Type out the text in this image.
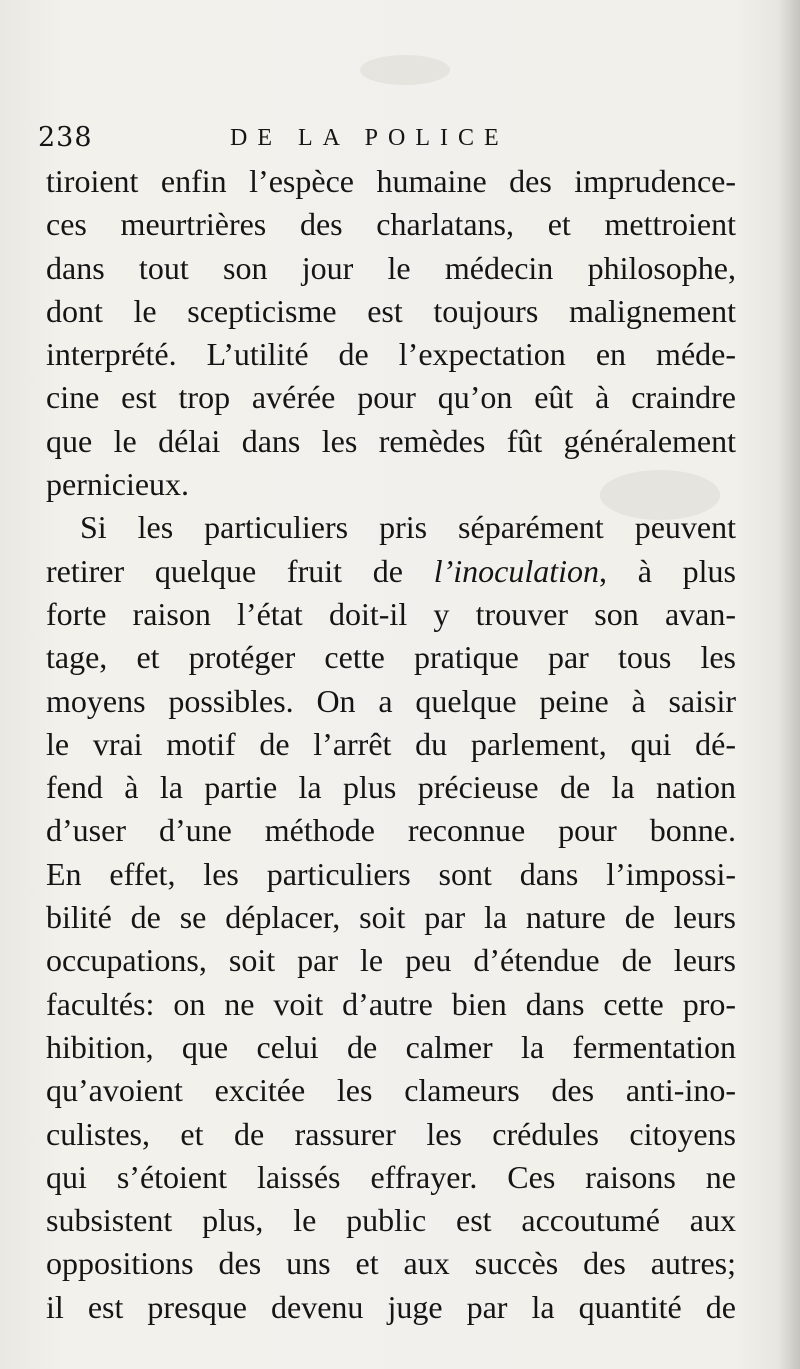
238	DE LA POLICE
tiroient enfin l’espèce humaine des imprudence-
ces meurtrières des charlatans, et mettroient
dans tout son jour le médecin philosophe,
dont le scepticisme est toujours malignement
interprété. L’utilité de l’expectation en méde-
cine est trop avérée pour qu’on eût à craindre
que le délai dans les remèdes fût généralement
pernicieux.
Si les particuliers pris séparément peuvent
retirer quelque fruit de l’inoculation, à plus
forte raison l’état doit-il y trouver son avan-
tage, et protéger cette pratique par tous les
moyens possibles. On a quelque peine à saisir
le vrai motif de l’arrêt du parlement, qui dé-
fend à la partie la plus précieuse de la nation
d’user d’une méthode reconnue pour bonne.
En effet, les particuliers sont dans l’impossi-
bilité de se déplacer, soit par la nature de leurs
occupations, soit par le peu d’étendue de leurs
facultés: on ne voit d’autre bien dans cette pro-
hibition, que celui de calmer la fermentation
qu’avoient excitée les clameurs des anti-ino-
culistes, et de rassurer les crédules citoyens
qui s’étoient laissés effrayer. Ces raisons ne
subsistent plus, le public est accoutumé aux
oppositions des uns et aux succès des autres;
il est presque devenu juge par la quantité de
